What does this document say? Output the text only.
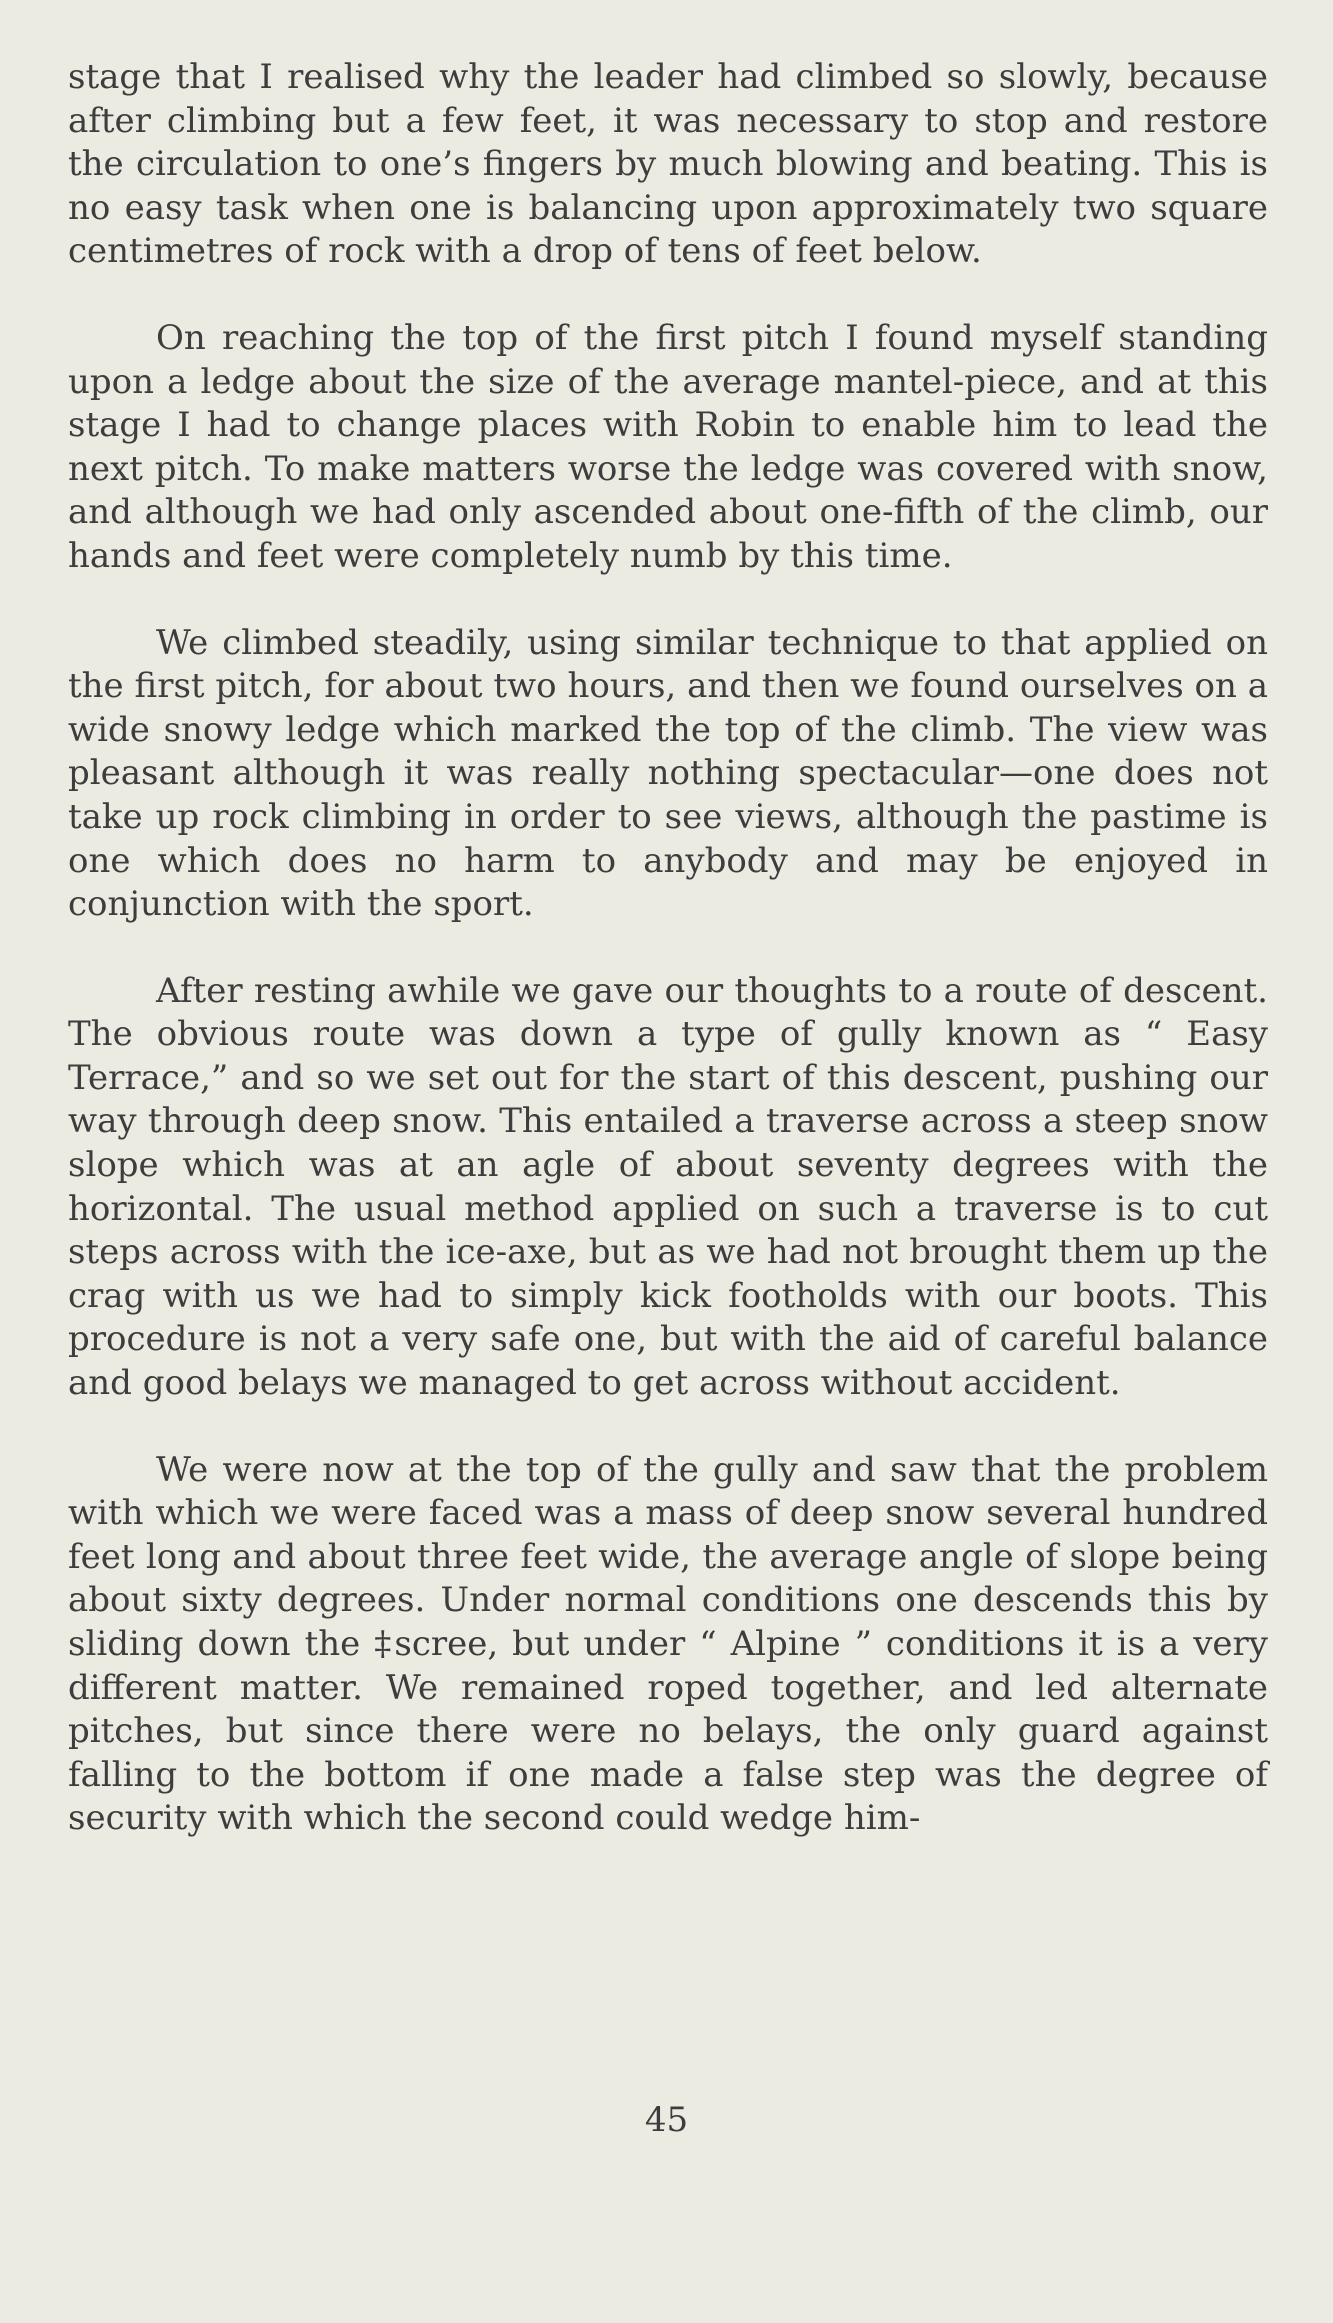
stage that I realised why the leader had climbed so slowly, because after climbing but a few feet, it was necessary to stop and restore the circulation to one’s fingers by much blowing and beating. This is no easy task when one is balancing upon approximately two square centimetres of rock with a drop of tens of feet below.

On reaching the top of the first pitch I found myself standing upon a ledge about the size of the average mantel-piece, and at this stage I had to change places with Robin to enable him to lead the next pitch. To make matters worse the ledge was covered with snow, and although we had only ascended about one-fifth of the climb, our hands and feet were completely numb by this time.

We climbed steadily, using similar technique to that applied on the first pitch, for about two hours, and then we found ourselves on a wide snowy ledge which marked the top of the climb. The view was pleasant although it was really nothing spectacular—one does not take up rock climbing in order to see views, although the pastime is one which does no harm to anybody and may be enjoyed in conjunction with the sport.

After resting awhile we gave our thoughts to a route of descent. The obvious route was down a type of gully known as “ Easy Terrace,” and so we set out for the start of this descent, pushing our way through deep snow. This entailed a traverse across a steep snow slope which was at an agle of about seventy degrees with the horizontal. The usual method applied on such a traverse is to cut steps across with the ice-axe, but as we had not brought them up the crag with us we had to simply kick footholds with our boots. This procedure is not a very safe one, but with the aid of careful balance and good belays we managed to get across without accident.

We were now at the top of the gully and saw that the problem with which we were faced was a mass of deep snow several hundred feet long and about three feet wide, the average angle of slope being about sixty degrees. Under normal conditions one descends this by sliding down the ‡scree, but under “ Alpine ” conditions it is a very different matter. We remained roped together, and led alternate pitches, but since there were no belays, the only guard against falling to the bottom if one made a false step was the degree of security with which the second could wedge him-

45
